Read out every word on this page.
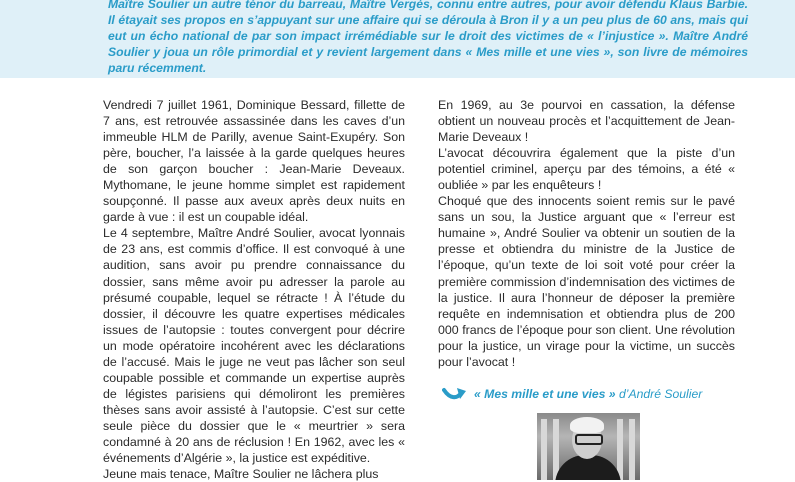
Maître Soulier un autre ténor du barreau, Maître Vergès, connu entre autres, pour avoir défendu Klaus Barbie. Il étayait ses propos en s’appuyant sur une affaire qui se déroula à Bron il y a un peu plus de 60 ans, mais qui eut un écho national de par son impact irrémédiable sur le droit des victimes de « l’injustice ». Maître André Soulier y joua un rôle primordial et y revient largement dans « Mes mille et une vies », son livre de mémoires paru récemment.

Vendredi 7 juillet 1961, Dominique Bessard, fillette de 7 ans, est retrouvée assassinée dans les caves d’un immeuble HLM de Parilly, avenue Saint-Exupéry. Son père, boucher, l’a laissée à la garde quelques heures de son garçon boucher : Jean-Marie Deveaux. Mythomane, le jeune homme simplet est rapidement soupçonné. Il passe aux aveux après deux nuits en garde à vue : il est un coupable idéal.

Le 4 septembre, Maître André Soulier, avocat lyonnais de 23 ans, est commis d’office. Il est convoqué à une audition, sans avoir pu prendre connaissance du dossier, sans même avoir pu adresser la parole au présumé coupable, lequel se rétracte ! À l’étude du dossier, il découvre les quatre expertises médicales issues de l’autopsie : toutes convergent pour décrire un mode opératoire incohérent avec les déclarations de l’accusé. Mais le juge ne veut pas lâcher son seul coupable possible et commande un expertise auprès de légistes parisiens qui démoliront les premières thèses sans avoir assisté à l’autopsie. C’est sur cette seule pièce du dossier que le « meurtrier » sera condamné à 20 ans de réclusion ! En 1962, avec les « événements d’Algérie », la justice est expéditive.

Jeune mais tenace, Maître Soulier ne lâchera plus

En 1969, au 3e pourvoi en cassation, la défense obtient un nouveau procès et l’acquittement de Jean-Marie Deveaux !

L’avocat découvrira également que la piste d’un potentiel criminel, aperçu par des témoins, a été « oubliée » par les enquêteurs !

Choqué que des innocents soient remis sur le pavé sans un sou, la Justice arguant que « l’erreur est humaine », André Soulier va obtenir un soutien de la presse et obtiendra du ministre de la Justice de l’époque, qu’un texte de loi soit voté pour créer la première commission d’indemnisation des victimes de la justice. Il aura l’honneur de déposer la première requête en indemnisation et obtiendra plus de 200 000 francs de l’époque pour son client. Une révolution pour la justice, un virage pour la victime, un succès pour l’avocat !

« Mes mille et une vies » d’André Soulier
